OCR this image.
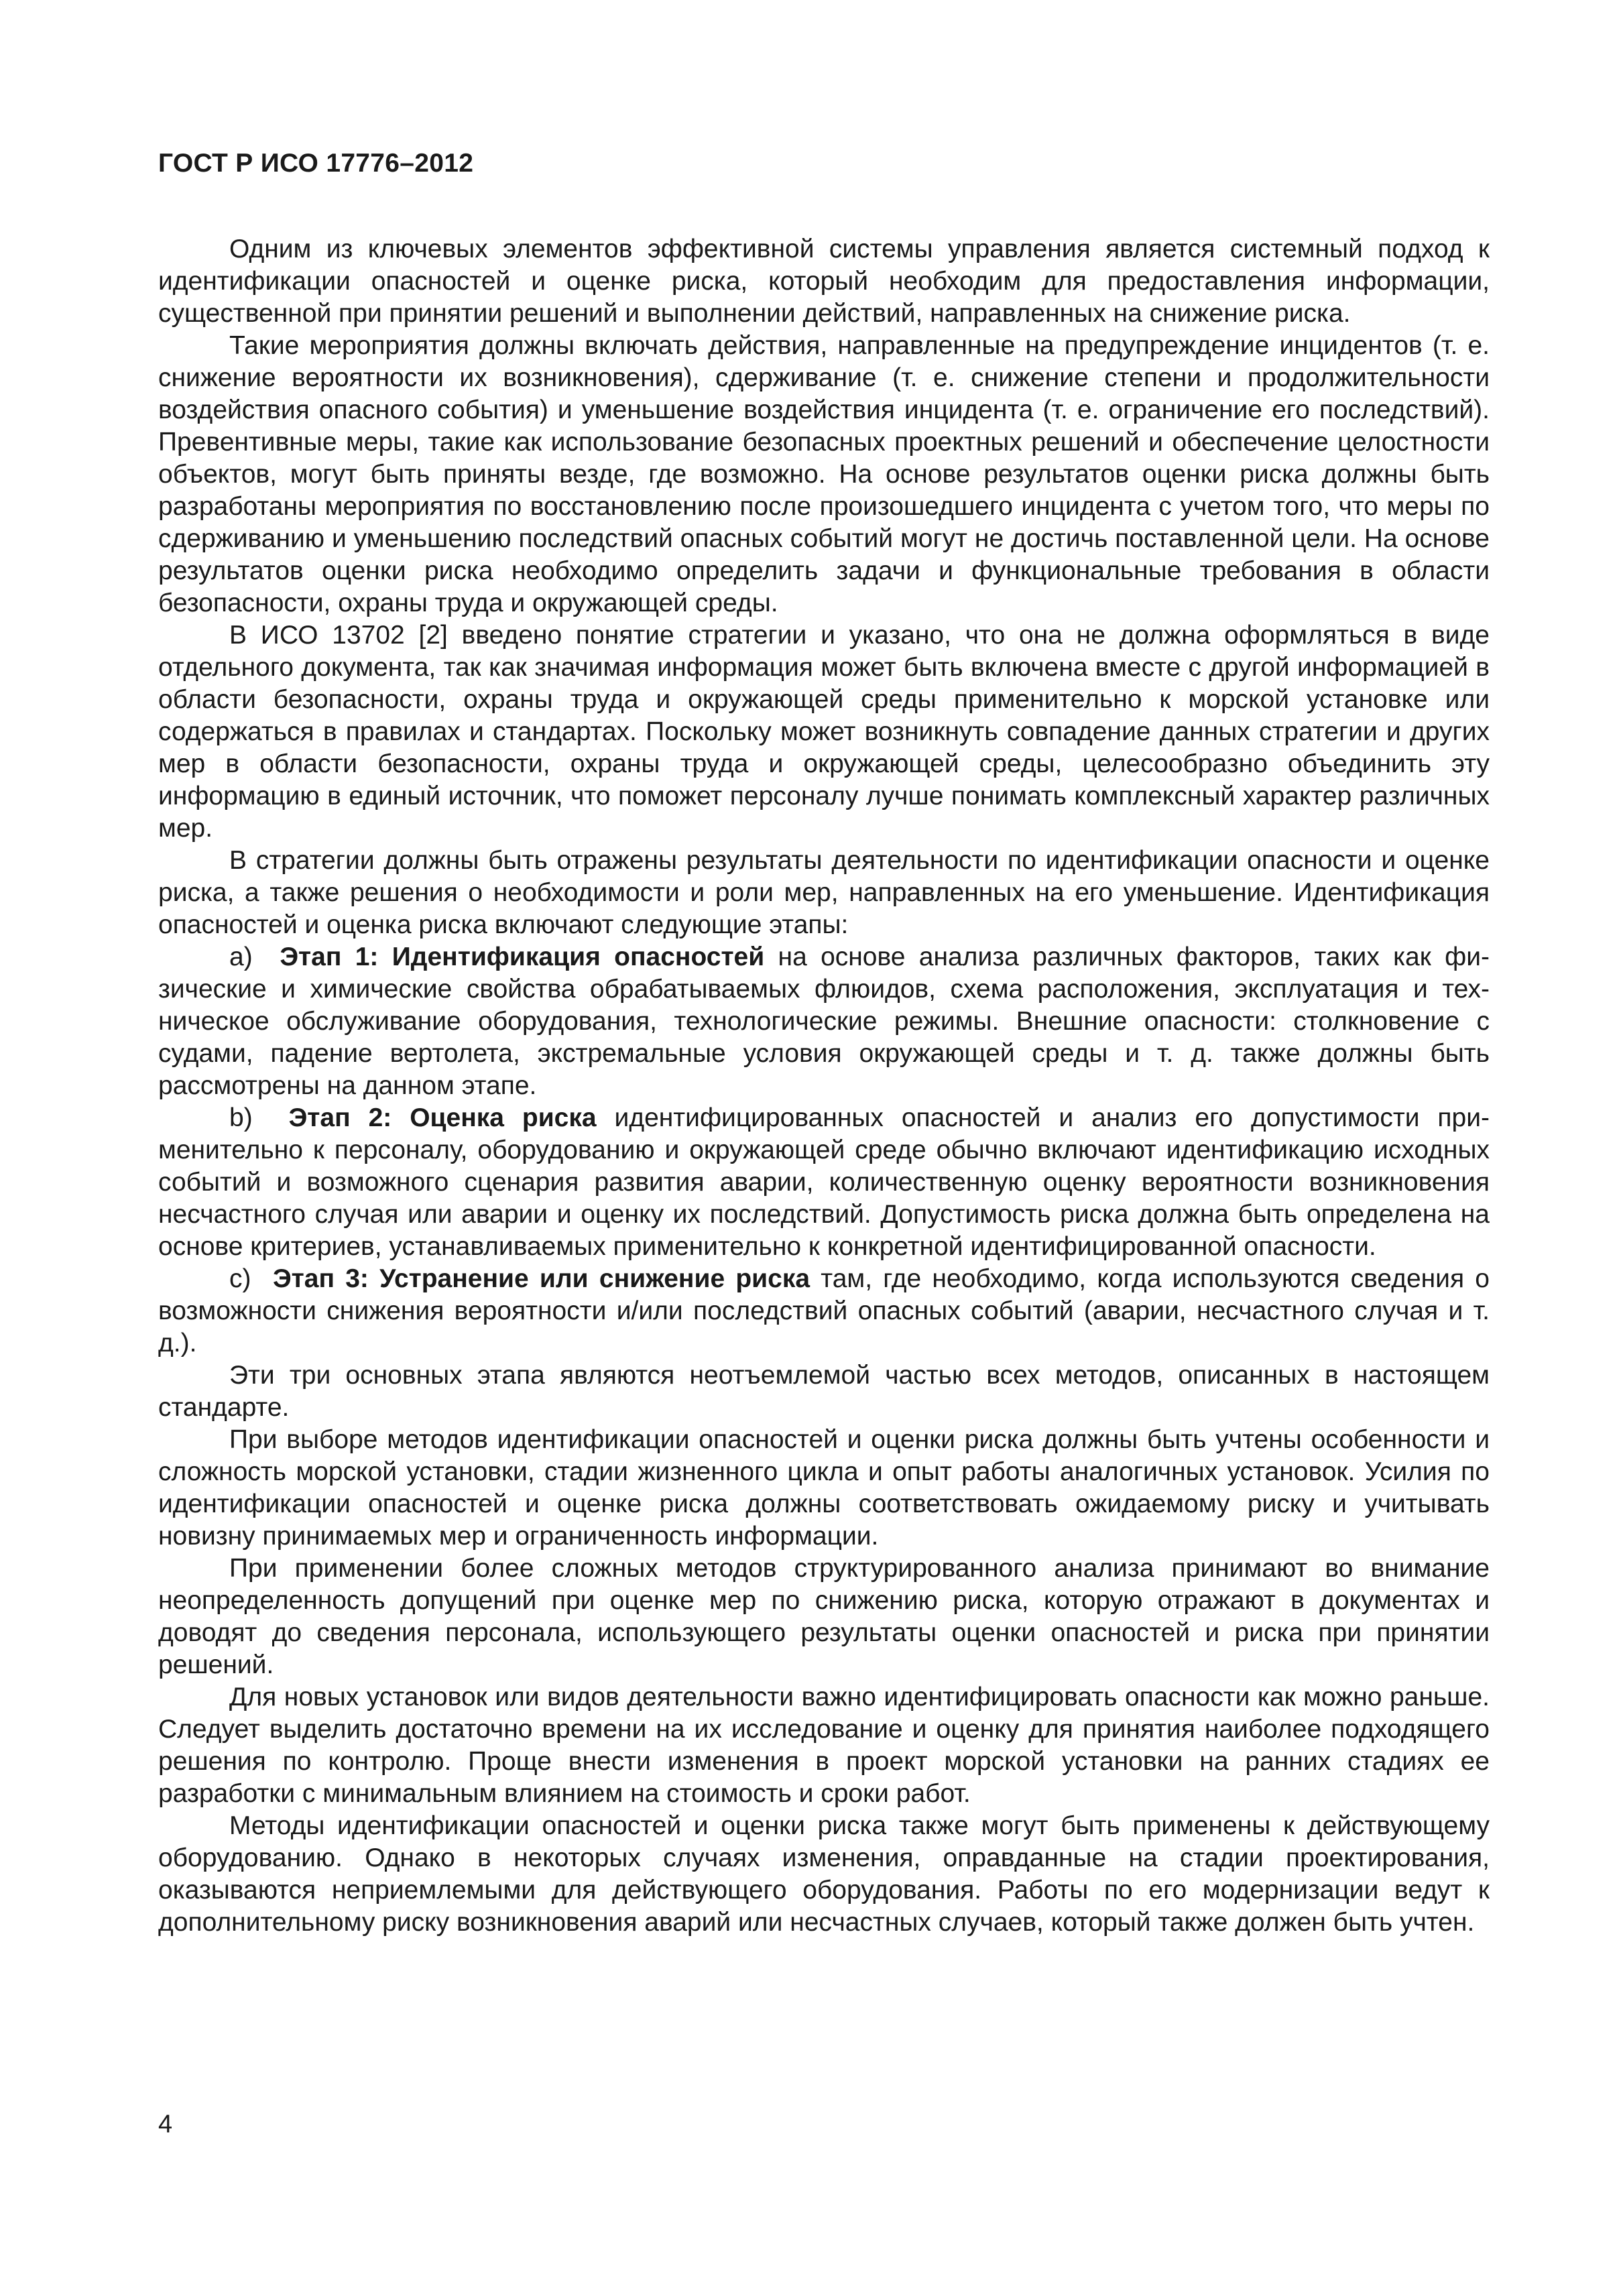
ГОСТ Р ИСО 17776–2012

Одним из ключевых элементов эффективной системы управления является системный подход к идентификации опасностей и оценке риска, который необходим для предоставления информации, существенной при принятии решений и выполнении действий, направленных на снижение риска.

Такие мероприятия должны включать действия, направленные на предупреждение инцидентов (т. е. снижение вероятности их возникновения), сдерживание (т. е. снижение степени и продолжительности воздействия опасного события) и уменьшение воздействия инцидента (т. е. ограничение его последствий). Превентивные меры, такие как использование безопасных проектных решений и обеспечение целостности объектов, могут быть приняты везде, где возможно. На основе результатов оценки риска должны быть разработаны мероприятия по восстановлению после произошедшего инцидента с учетом того, что меры по сдерживанию и уменьшению последствий опасных событий могут не достичь поставленной цели. На основе результатов оценки риска необходимо определить задачи и функциональные требования в области безопасности, охраны труда и окружающей среды.

В ИСО 13702 [2] введено понятие стратегии и указано, что она не должна оформляться в виде отдельного документа, так как значимая информация может быть включена вместе с другой информацией в области безопасности, охраны труда и окружающей среды применительно к морской установке или содержаться в правилах и стандартах. Поскольку может возникнуть совпадение данных стратегии и других мер в области безопасности, охраны труда и окружающей среды, целесообразно объединить эту информацию в единый источник, что поможет персоналу лучше понимать комплексный характер различных мер.

В стратегии должны быть отражены результаты деятельности по идентификации опасности и оценке риска, а также решения о необходимости и роли мер, направленных на его уменьшение. Идентификация опасностей и оценка риска включают следующие этапы:

а) Этап 1: Идентификация опасностей на основе анализа различных факторов, таких как физические и химические свойства обрабатываемых флюидов, схема расположения, эксплуатация и техническое обслуживание оборудования, технологические режимы. Внешние опасности: столкновение с судами, падение вертолета, экстремальные условия окружающей среды и т. д. также должны быть рассмотрены на данном этапе.

b) Этап 2: Оценка риска идентифицированных опасностей и анализ его допустимости применительно к персоналу, оборудованию и окружающей среде обычно включают идентификацию исходных событий и возможного сценария развития аварии, количественную оценку вероятности возникновения несчастного случая или аварии и оценку их последствий. Допустимость риска должна быть определена на основе критериев, устанавливаемых применительно к конкретной идентифицированной опасности.

с) Этап 3: Устранение или снижение риска там, где необходимо, когда используются сведения о возможности снижения вероятности и/или последствий опасных событий (аварии, несчастного случая и т. д.).

Эти три основных этапа являются неотъемлемой частью всех методов, описанных в настоящем стандарте.

При выборе методов идентификации опасностей и оценки риска должны быть учтены особенности и сложность морской установки, стадии жизненного цикла и опыт работы аналогичных установок. Усилия по идентификации опасностей и оценке риска должны соответствовать ожидаемому риску и учитывать новизну принимаемых мер и ограниченность информации.

При применении более сложных методов структурированного анализа принимают во внимание неопределенность допущений при оценке мер по снижению риска, которую отражают в документах и доводят до сведения персонала, использующего результаты оценки опасностей и риска при принятии решений.

Для новых установок или видов деятельности важно идентифицировать опасности как можно раньше. Следует выделить достаточно времени на их исследование и оценку для принятия наиболее подходящего решения по контролю. Проще внести изменения в проект морской установки на ранних стадиях ее разработки с минимальным влиянием на стоимость и сроки работ.

Методы идентификации опасностей и оценки риска также могут быть применены к действующему оборудованию. Однако в некоторых случаях изменения, оправданные на стадии проектирования, оказываются неприемлемыми для действующего оборудования. Работы по его модернизации ведут к дополнительному риску возникновения аварий или несчастных случаев, который также должен быть учтен.

4
